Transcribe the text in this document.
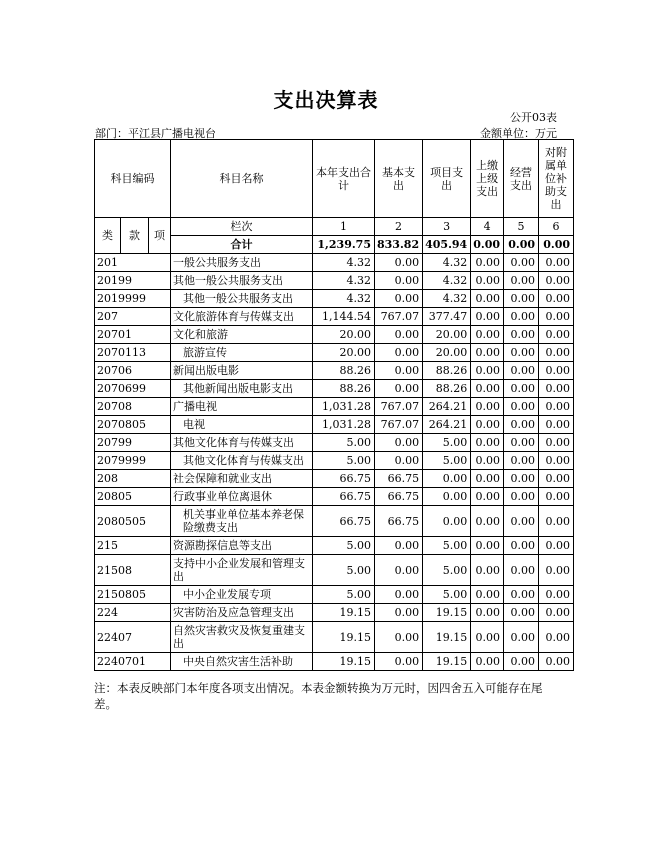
支出决算表
公开03表
部门：平江县广播电视台	金额单位：万元
科目编码			科目名称	本年支出合计	基本支出	项目支出	上缴上级支出	经营支出	对附属单位补助支出
类	款	项	栏次	1	2	3	4	5	6
			合计	1,239.75	833.82	405.94	0.00	0.00	0.00
201			一般公共服务支出	4.32	0.00	4.32	0.00	0.00	0.00
20199			其他一般公共服务支出	4.32	0.00	4.32	0.00	0.00	0.00
2019999			其他一般公共服务支出	4.32	0.00	4.32	0.00	0.00	0.00
207			文化旅游体育与传媒支出	1,144.54	767.07	377.47	0.00	0.00	0.00
20701			文化和旅游	20.00	0.00	20.00	0.00	0.00	0.00
2070113			旅游宣传	20.00	0.00	20.00	0.00	0.00	0.00
20706			新闻出版电影	88.26	0.00	88.26	0.00	0.00	0.00
2070699			其他新闻出版电影支出	88.26	0.00	88.26	0.00	0.00	0.00
20708			广播电视	1,031.28	767.07	264.21	0.00	0.00	0.00
2070805			电视	1,031.28	767.07	264.21	0.00	0.00	0.00
20799			其他文化体育与传媒支出	5.00	0.00	5.00	0.00	0.00	0.00
2079999			其他文化体育与传媒支出	5.00	0.00	5.00	0.00	0.00	0.00
208			社会保障和就业支出	66.75	66.75	0.00	0.00	0.00	0.00
20805			行政事业单位离退休	66.75	66.75	0.00	0.00	0.00	0.00
2080505			机关事业单位基本养老保险缴费支出	66.75	66.75	0.00	0.00	0.00	0.00
215			资源勘探信息等支出	5.00	0.00	5.00	0.00	0.00	0.00
21508			支持中小企业发展和管理支出	5.00	0.00	5.00	0.00	0.00	0.00
2150805			中小企业发展专项	5.00	0.00	5.00	0.00	0.00	0.00
224			灾害防治及应急管理支出	19.15	0.00	19.15	0.00	0.00	0.00
22407			自然灾害救灾及恢复重建支出	19.15	0.00	19.15	0.00	0.00	0.00
2240701			中央自然灾害生活补助	19.15	0.00	19.15	0.00	0.00	0.00
注：本表反映部门本年度各项支出情况。本表金额转换为万元时，因四舍五入可能存在尾差。
